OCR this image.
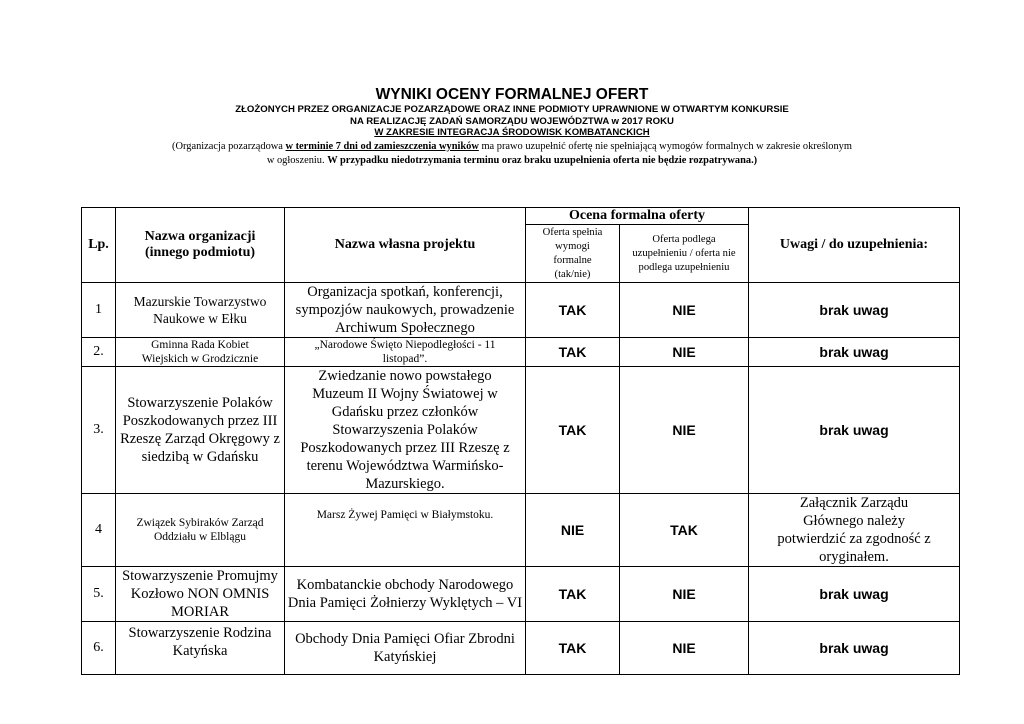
WYNIKI OCENY FORMALNEJ OFERT
ZŁOŻONYCH PRZEZ ORGANIZACJE POZARZĄDOWE ORAZ INNE PODMIOTY UPRAWNIONE W OTWARTYM KONKURSIE
NA REALIZACJĘ ZADAŃ SAMORZĄDU WOJEWÓDZTWA w 2017 ROKU
W ZAKRESIE INTEGRACJA ŚRODOWISK KOMBATANCKICH
(Organizacja pozarządowa w terminie 7 dni od zamieszczenia wyników ma prawo uzupełnić ofertę nie spełniającą wymogów formalnych w zakresie określonym
w ogłoszeniu. W przypadku niedotrzymania terminu oraz braku uzupełnienia oferta nie będzie rozpatrywana.)
Lp.	Nazwa organizacji (innego podmiotu)	Nazwa własna projektu	Ocena formalna oferty		Uwagi / do uzupełnienia:
			Oferta spełnia wymogi formalne (tak/nie)	Oferta podlega uzupełnieniu / oferta nie podlega uzupełnieniu	
1	Mazurskie Towarzystwo Naukowe w Ełku	Organizacja spotkań, konferencji, sympozjów naukowych, prowadzenie Archiwum Społecznego	TAK	NIE	brak uwag
2.	Gminna Rada Kobiet Wiejskich w Grodzicznie	„Narodowe Święto Niepodległości - 11 listopad”.	TAK	NIE	brak uwag
3.	Stowarzyszenie Polaków Poszkodowanych przez III Rzeszę Zarząd Okręgowy z siedzibą w Gdańsku	Zwiedzanie nowo powstałego Muzeum II Wojny Światowej w Gdańsku przez członków Stowarzyszenia Polaków Poszkodowanych przez III Rzeszę z terenu Województwa Warmińsko-Mazurskiego.	TAK	NIE	brak uwag
4	Związek Sybiraków Zarząd Oddziału w Elblągu	Marsz Żywej Pamięci w Białymstoku.	NIE	TAK	Załącznik Zarządu Głównego należy potwierdzić za zgodność z oryginałem.
5.	Stowarzyszenie Promujmy Kozłowo NON OMNIS MORIAR	Kombatanckie obchody Narodowego Dnia Pamięci Żołnierzy Wyklętych – VI	TAK	NIE	brak uwag
6.	Stowarzyszenie Rodzina Katyńska	Obchody Dnia Pamięci Ofiar Zbrodni Katyńskiej	TAK	NIE	brak uwag
